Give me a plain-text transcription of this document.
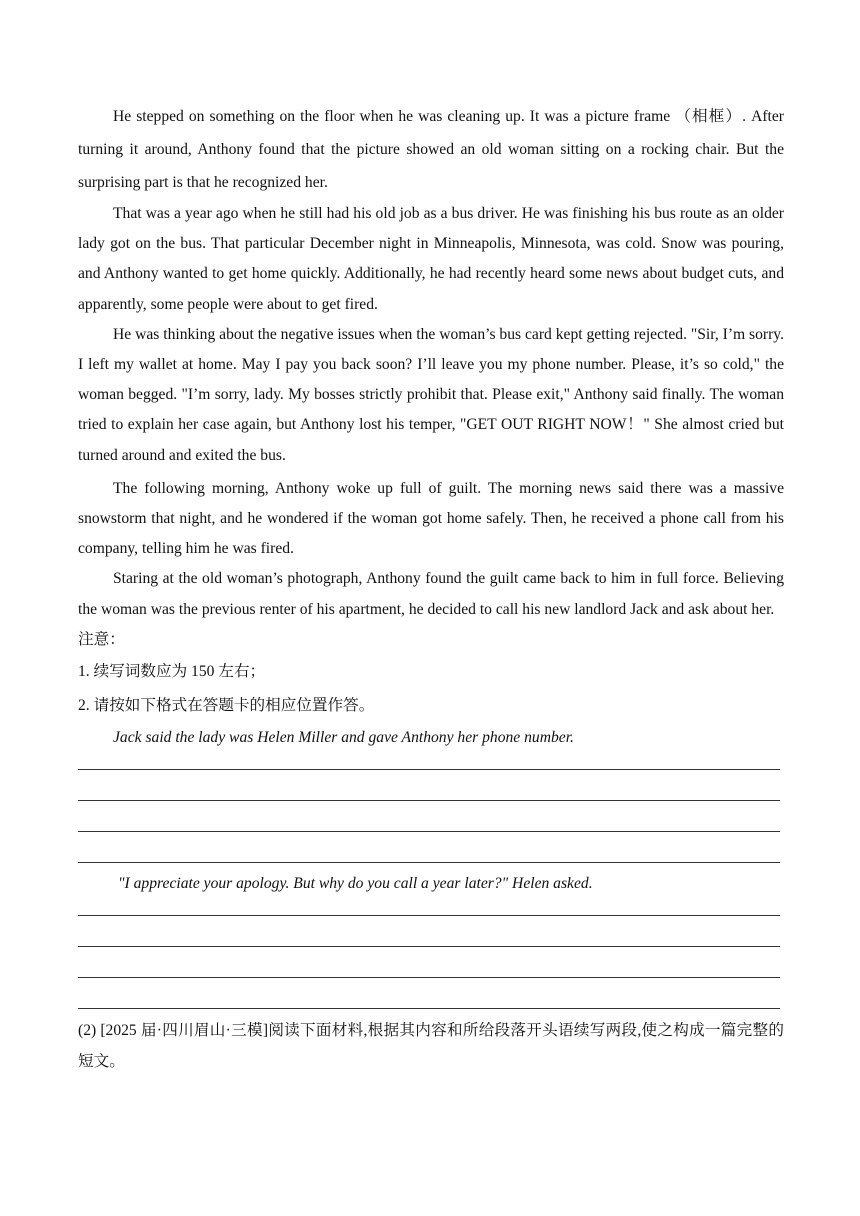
He stepped on something on the floor when he was cleaning up. It was a picture frame （相框）. After turning it around, Anthony found that the picture showed an old woman sitting on a rocking chair. But the surprising part is that he recognized her.

That was a year ago when he still had his old job as a bus driver. He was finishing his bus route as an older lady got on the bus. That particular December night in Minneapolis, Minnesota, was cold. Snow was pouring, and Anthony wanted to get home quickly. Additionally, he had recently heard some news about budget cuts, and apparently, some people were about to get fired.

He was thinking about the negative issues when the woman’s bus card kept getting rejected. "Sir, I’m sorry. I left my wallet at home. May I pay you back soon? I’ll leave you my phone number. Please, it’s so cold," the woman begged. "I’m sorry, lady. My bosses strictly prohibit that. Please exit," Anthony said finally. The woman tried to explain her case again, but Anthony lost his temper, "GET OUT RIGHT NOW！" She almost cried but turned around and exited the bus.

The following morning, Anthony woke up full of guilt. The morning news said there was a massive snowstorm that night, and he wondered if the woman got home safely. Then, he received a phone call from his company, telling him he was fired.

Staring at the old woman’s photograph, Anthony found the guilt came back to him in full force. Believing the woman was the previous renter of his apartment, he decided to call his new landlord Jack and ask about her.

注意：

1. 续写词数应为 150 左右；

2. 请按如下格式在答题卡的相应位置作答。

Jack said the lady was Helen Miller and gave Anthony her phone number.

"I appreciate your apology. But why do you call a year later?" Helen asked.

(2) [2025 届·四川眉山·三模]阅读下面材料,根据其内容和所给段落开头语续写两段,使之构成一篇完整的短文。
